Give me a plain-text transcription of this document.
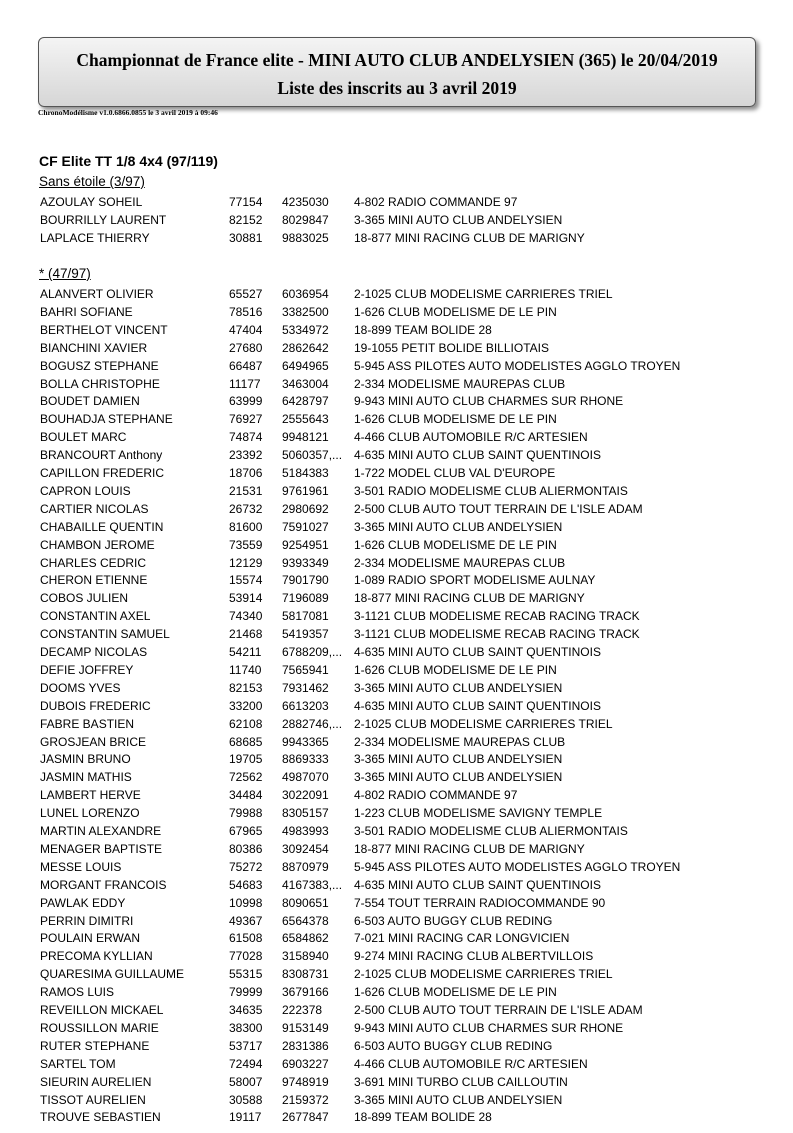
Championnat de France elite - MINI AUTO CLUB ANDELYSIEN (365) le 20/04/2019
Liste des inscrits au 3 avril 2019
ChronoModélisme v1.0.6866.0855 le 3 avril 2019 à 09:46
CF Elite TT 1/8 4x4 (97/119)
Sans étoile (3/97)
AZOULAY SOHEIL	77154 4235030	4-802 RADIO COMMANDE 97
BOURRILLY LAURENT	82152 8029847	3-365 MINI AUTO CLUB ANDELYSIEN
LAPLACE THIERRY	30881 9883025	18-877 MINI RACING CLUB DE MARIGNY
* (47/97)
ALANVERT OLIVIER	65527 6036954	2-1025 CLUB MODELISME CARRIERES TRIEL
BAHRI SOFIANE	78516 3382500	1-626 CLUB MODELISME DE LE PIN
BERTHELOT VINCENT	47404 5334972	18-899 TEAM BOLIDE 28
BIANCHINI XAVIER	27680 2862642	19-1055 PETIT BOLIDE BILLIOTAIS
BOGUSZ STEPHANE	66487 6494965	5-945 ASS PILOTES AUTO MODELISTES AGGLO TROYEN
BOLLA CHRISTOPHE	11177 3463004	2-334 MODELISME MAUREPAS CLUB
BOUDET DAMIEN	63999 6428797	9-943 MINI AUTO CLUB CHARMES SUR RHONE
BOUHADJA STEPHANE	76927 2555643	1-626 CLUB MODELISME DE LE PIN
BOULET MARC	74874 9948121	4-466 CLUB AUTOMOBILE R/C ARTESIEN
BRANCOURT Anthony	23392 5060357,... 4-635 MINI AUTO CLUB SAINT QUENTINOIS
CAPILLON FREDERIC	18706 5184383	1-722 MODEL CLUB VAL D'EUROPE
CAPRON LOUIS	21531 9761961	3-501 RADIO MODELISME CLUB ALIERMONTAIS
CARTIER NICOLAS	26732 2980692	2-500 CLUB AUTO TOUT TERRAIN DE L'ISLE ADAM
CHABAILLE QUENTIN	81600 7591027	3-365 MINI AUTO CLUB ANDELYSIEN
CHAMBON JEROME	73559 9254951	1-626 CLUB MODELISME DE LE PIN
CHARLES CEDRIC	12129 9393349	2-334 MODELISME MAUREPAS CLUB
CHERON ETIENNE	15574 7901790	1-089 RADIO SPORT MODELISME AULNAY
COBOS JULIEN	53914 7196089	18-877 MINI RACING CLUB DE MARIGNY
CONSTANTIN AXEL	74340 5817081	3-1121 CLUB MODELISME RECAB RACING TRACK
CONSTANTIN SAMUEL	21468 5419357	3-1121 CLUB MODELISME RECAB RACING TRACK
DECAMP NICOLAS	54211 6788209,... 4-635 MINI AUTO CLUB SAINT QUENTINOIS
DEFIE JOFFREY	11740 7565941	1-626 CLUB MODELISME DE LE PIN
DOOMS YVES	82153 7931462	3-365 MINI AUTO CLUB ANDELYSIEN
DUBOIS FREDERIC	33200 6613203	4-635 MINI AUTO CLUB SAINT QUENTINOIS
FABRE BASTIEN	62108 2882746,... 2-1025 CLUB MODELISME CARRIERES TRIEL
GROSJEAN BRICE	68685 9943365	2-334 MODELISME MAUREPAS CLUB
JASMIN BRUNO	19705 8869333	3-365 MINI AUTO CLUB ANDELYSIEN
JASMIN MATHIS	72562 4987070	3-365 MINI AUTO CLUB ANDELYSIEN
LAMBERT HERVE	34484 3022091	4-802 RADIO COMMANDE 97
LUNEL LORENZO	79988 8305157	1-223 CLUB MODELISME SAVIGNY TEMPLE
MARTIN ALEXANDRE	67965 4983993	3-501 RADIO MODELISME CLUB ALIERMONTAIS
MENAGER BAPTISTE	80386 3092454	18-877 MINI RACING CLUB DE MARIGNY
MESSE LOUIS	75272 8870979	5-945 ASS PILOTES AUTO MODELISTES AGGLO TROYEN
MORGANT FRANCOIS	54683 4167383,... 4-635 MINI AUTO CLUB SAINT QUENTINOIS
PAWLAK EDDY	10998 8090651	7-554 TOUT TERRAIN RADIOCOMMANDE 90
PERRIN DIMITRI	49367 6564378	6-503 AUTO BUGGY CLUB REDING
POULAIN ERWAN	61508 6584862	7-021 MINI RACING CAR LONGVICIEN
PRECOMA KYLLIAN	77028 3158940	9-274 MINI RACING CLUB ALBERTVILLOIS
QUARESIMA GUILLAUME	55315 8308731	2-1025 CLUB MODELISME CARRIERES TRIEL
RAMOS LUIS	79999 3679166	1-626 CLUB MODELISME DE LE PIN
REVEILLON MICKAEL	34635 222378	2-500 CLUB AUTO TOUT TERRAIN DE L'ISLE ADAM
ROUSSILLON MARIE	38300 9153149	9-943 MINI AUTO CLUB CHARMES SUR RHONE
RUTER STEPHANE	53717 2831386	6-503 AUTO BUGGY CLUB REDING
SARTEL TOM	72494 6903227	4-466 CLUB AUTOMOBILE R/C ARTESIEN
SIEURIN AURELIEN	58007 9748919	3-691 MINI TURBO CLUB CAILLOUTIN
TISSOT AURELIEN	30588 2159372	3-365 MINI AUTO CLUB ANDELYSIEN
TROUVE SEBASTIEN	19117 2677847	18-899 TEAM BOLIDE 28
